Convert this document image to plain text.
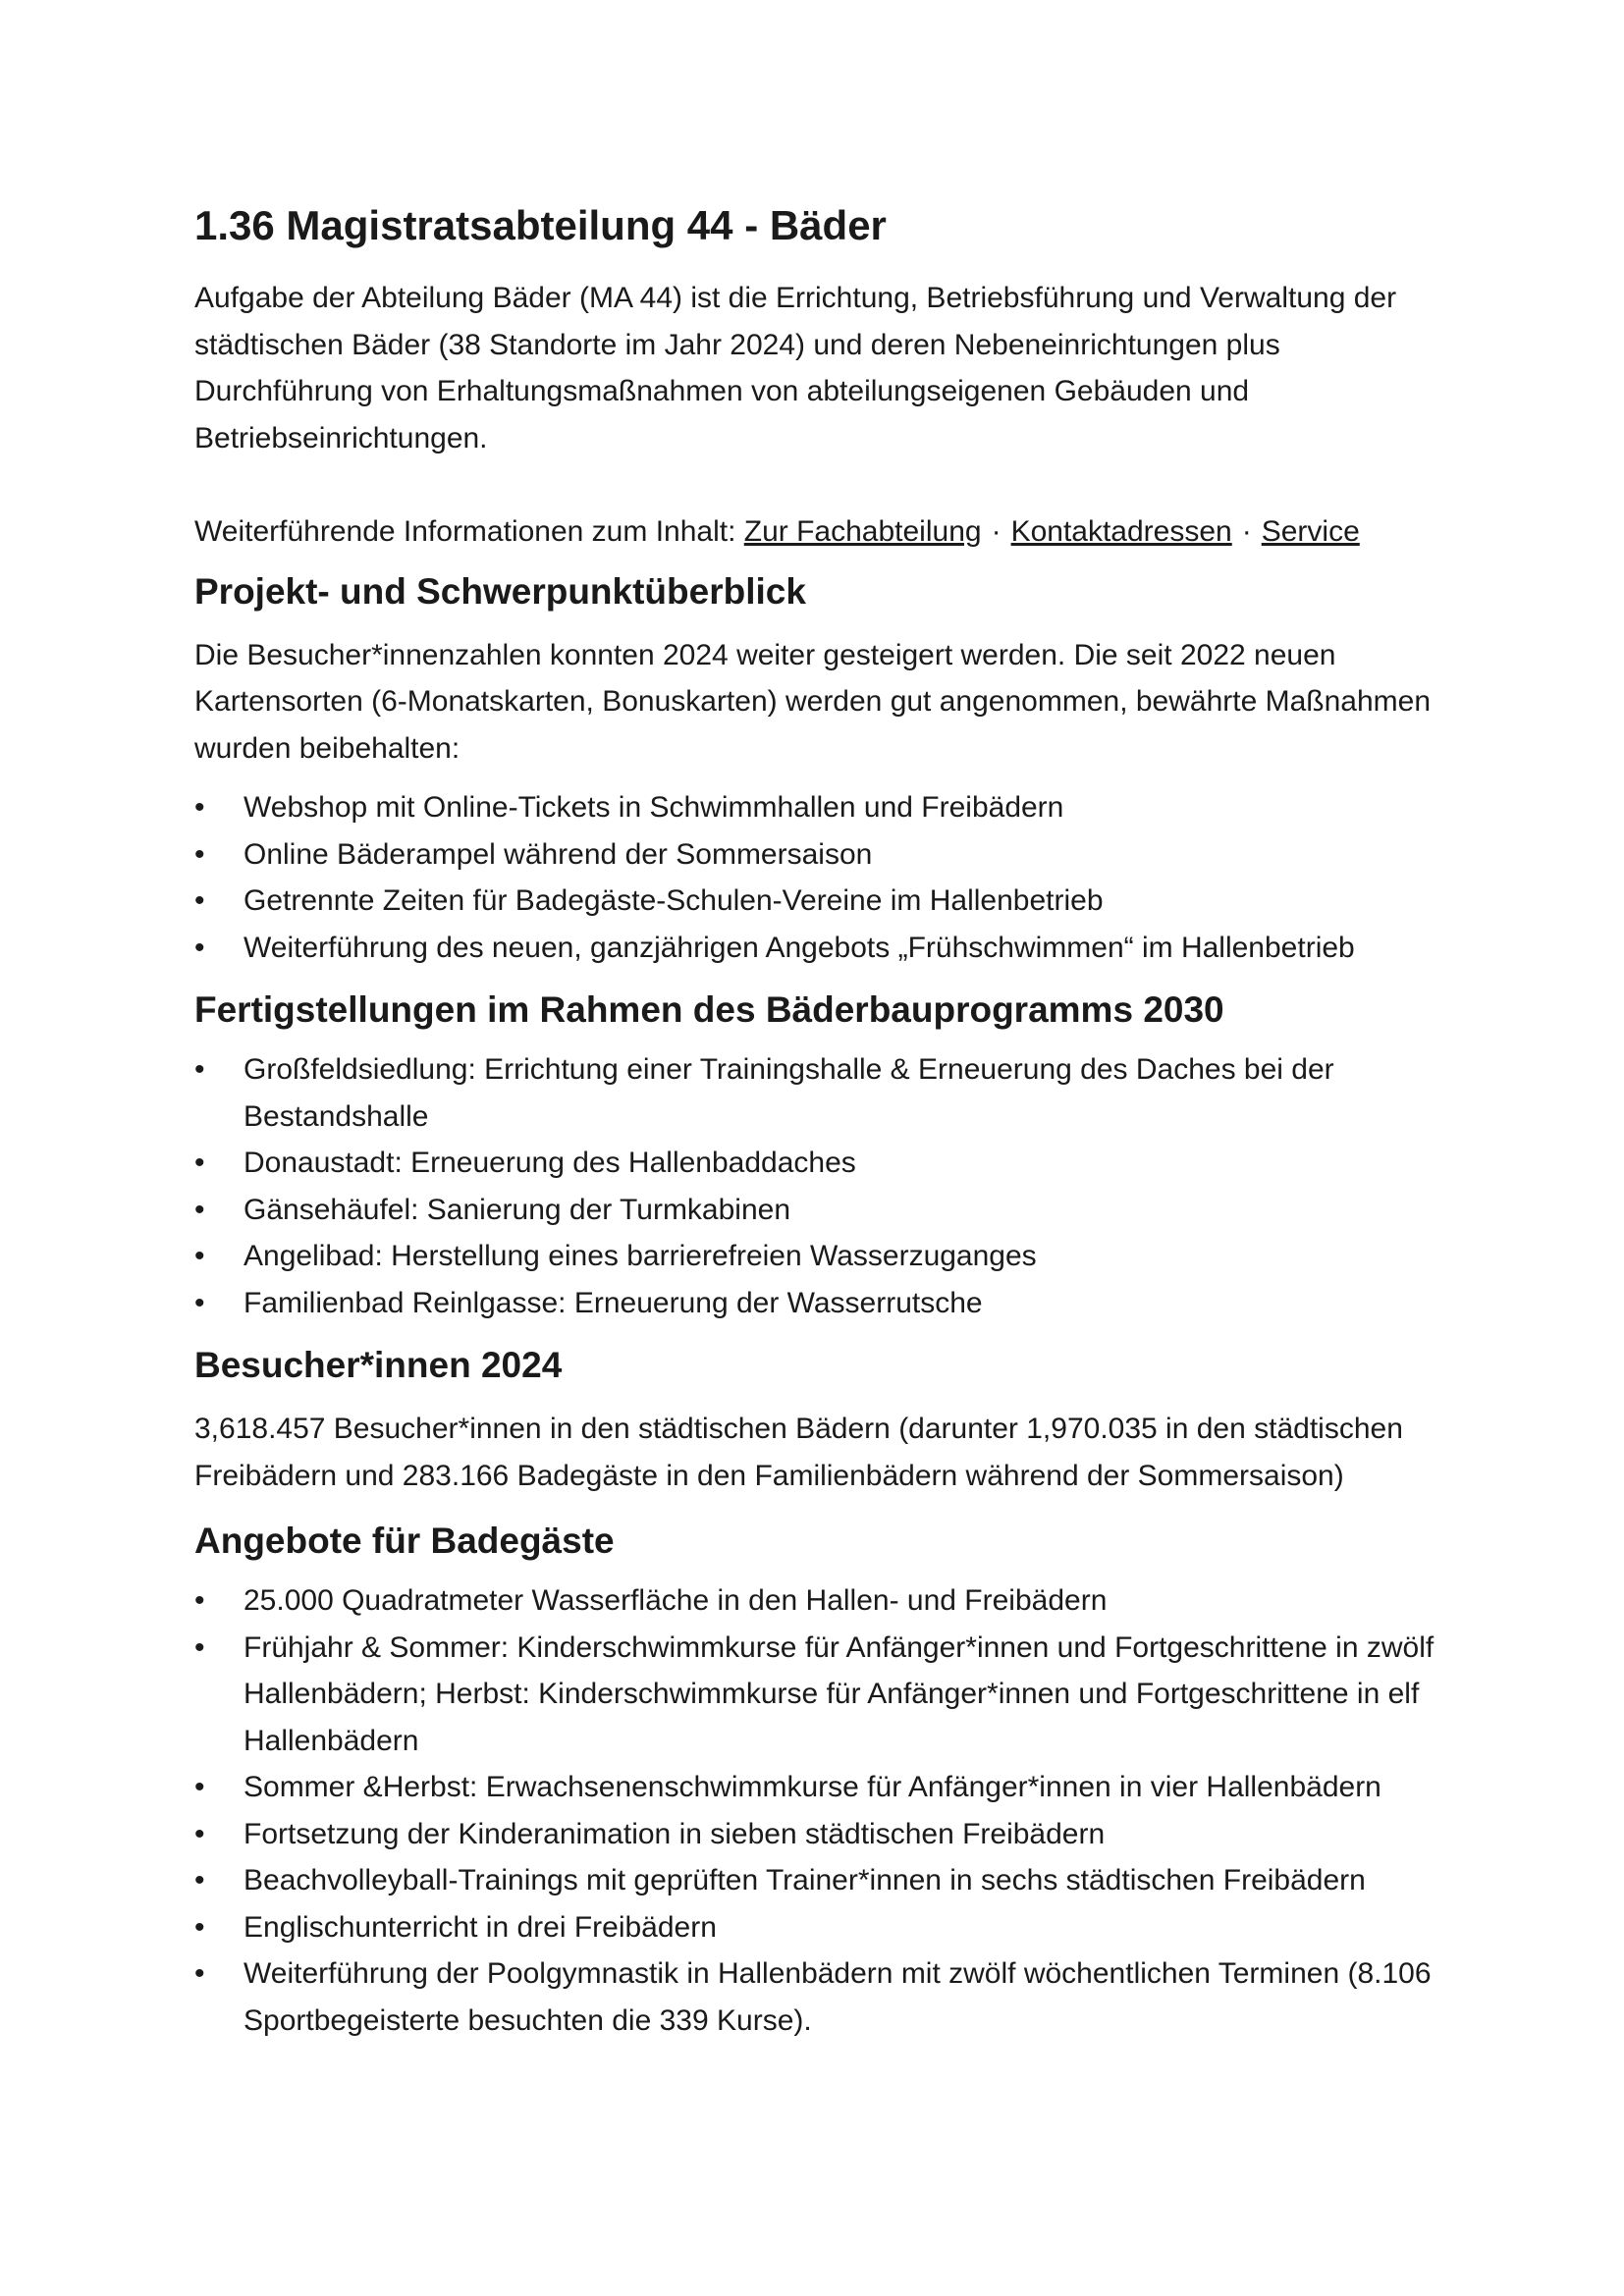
1.36 Magistratsabteilung 44 - Bäder

Aufgabe der Abteilung Bäder (MA 44) ist die Errichtung, Betriebsführung und Verwaltung der städtischen Bäder (38 Standorte im Jahr 2024) und deren Nebeneinrichtungen plus Durchführung von Erhaltungsmaßnahmen von abteilungseigenen Gebäuden und Betriebseinrichtungen.

Weiterführende Informationen zum Inhalt: Zur Fachabteilung · Kontaktadressen · Service

Projekt- und Schwerpunktüberblick

Die Besucher*innenzahlen konnten 2024 weiter gesteigert werden. Die seit 2022 neuen Kartensorten (6-Monatskarten, Bonuskarten) werden gut angenommen, bewährte Maßnahmen wurden beibehalten:

• Webshop mit Online-Tickets in Schwimmhallen und Freibädern
• Online Bäderampel während der Sommersaison
• Getrennte Zeiten für Badegäste-Schulen-Vereine im Hallenbetrieb
• Weiterführung des neuen, ganzjährigen Angebots „Frühschwimmen“ im Hallenbetrieb
Fertigstellungen im Rahmen des Bäderbauprogramms 2030
• Großfeldsiedlung: Errichtung einer Trainingshalle & Erneuerung des Daches bei der Bestandshalle
• Donaustadt: Erneuerung des Hallenbaddaches
• Gänsehäufel: Sanierung der Turmkabinen
• Angelibad: Herstellung eines barrierefreien Wasserzuganges
• Familienbad Reinlgasse: Erneuerung der Wasserrutsche
Besucher*innen 2024

3,618.457 Besucher*innen in den städtischen Bädern (darunter 1,970.035 in den städtischen Freibädern und 283.166 Badegäste in den Familienbädern während der Sommersaison)

Angebote für Badegäste
• 25.000 Quadratmeter Wasserfläche in den Hallen- und Freibädern
• Frühjahr & Sommer: Kinderschwimmkurse für Anfänger*innen und Fortgeschrittene in zwölf Hallenbädern; Herbst: Kinderschwimmkurse für Anfänger*innen und Fortgeschrittene in elf Hallenbädern
• Sommer &Herbst: Erwachsenenschwimmkurse für Anfänger*innen in vier Hallenbädern
• Fortsetzung der Kinderanimation in sieben städtischen Freibädern
• Beachvolleyball-Trainings mit geprüften Trainer*innen in sechs städtischen Freibädern
• Englischunterricht in drei Freibädern
• Weiterführung der Poolgymnastik in Hallenbädern mit zwölf wöchentlichen Terminen (8.106 Sportbegeisterte besuchten die 339 Kurse).
